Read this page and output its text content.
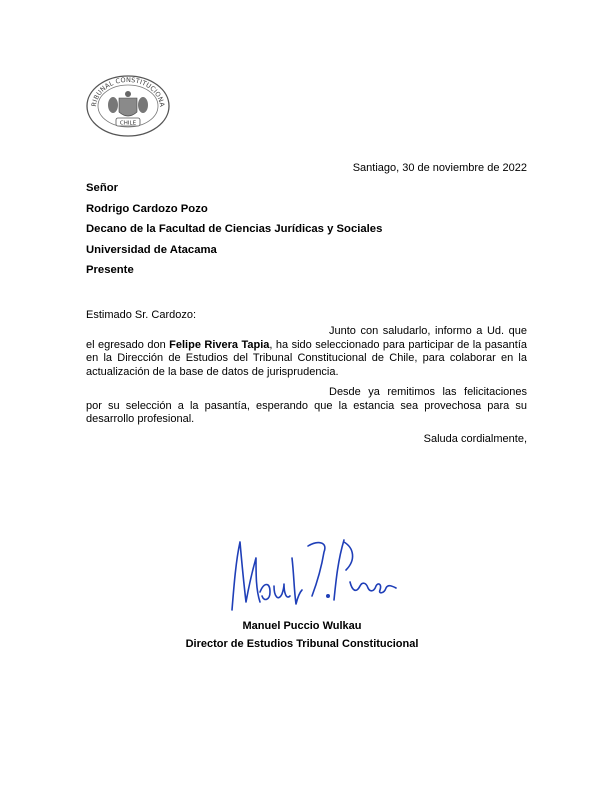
RIBUNAL CONSTITUCIONA
CHILE
Santiago, 30 de noviembre de 2022
Señor
Rodrigo Cardozo Pozo
Decano de la Facultad de Ciencias Jurídicas y Sociales
Universidad de Atacama
Presente
Estimado Sr. Cardozo:
Junto con saludarlo, informo a Ud. que el egresado don Felipe Rivera Tapia, ha sido seleccionado para participar de la pasantía en la Dirección de Estudios del Tribunal Constitucional de Chile, para colaborar en la actualización de la base de datos de jurisprudencia.
Desde ya remitimos las felicitaciones por su selección a la pasantía, esperando que la estancia sea provechosa para su desarrollo profesional.
Saluda cordialmente,
Manuel Puccio Wulkau
Director de Estudios Tribunal Constitucional
